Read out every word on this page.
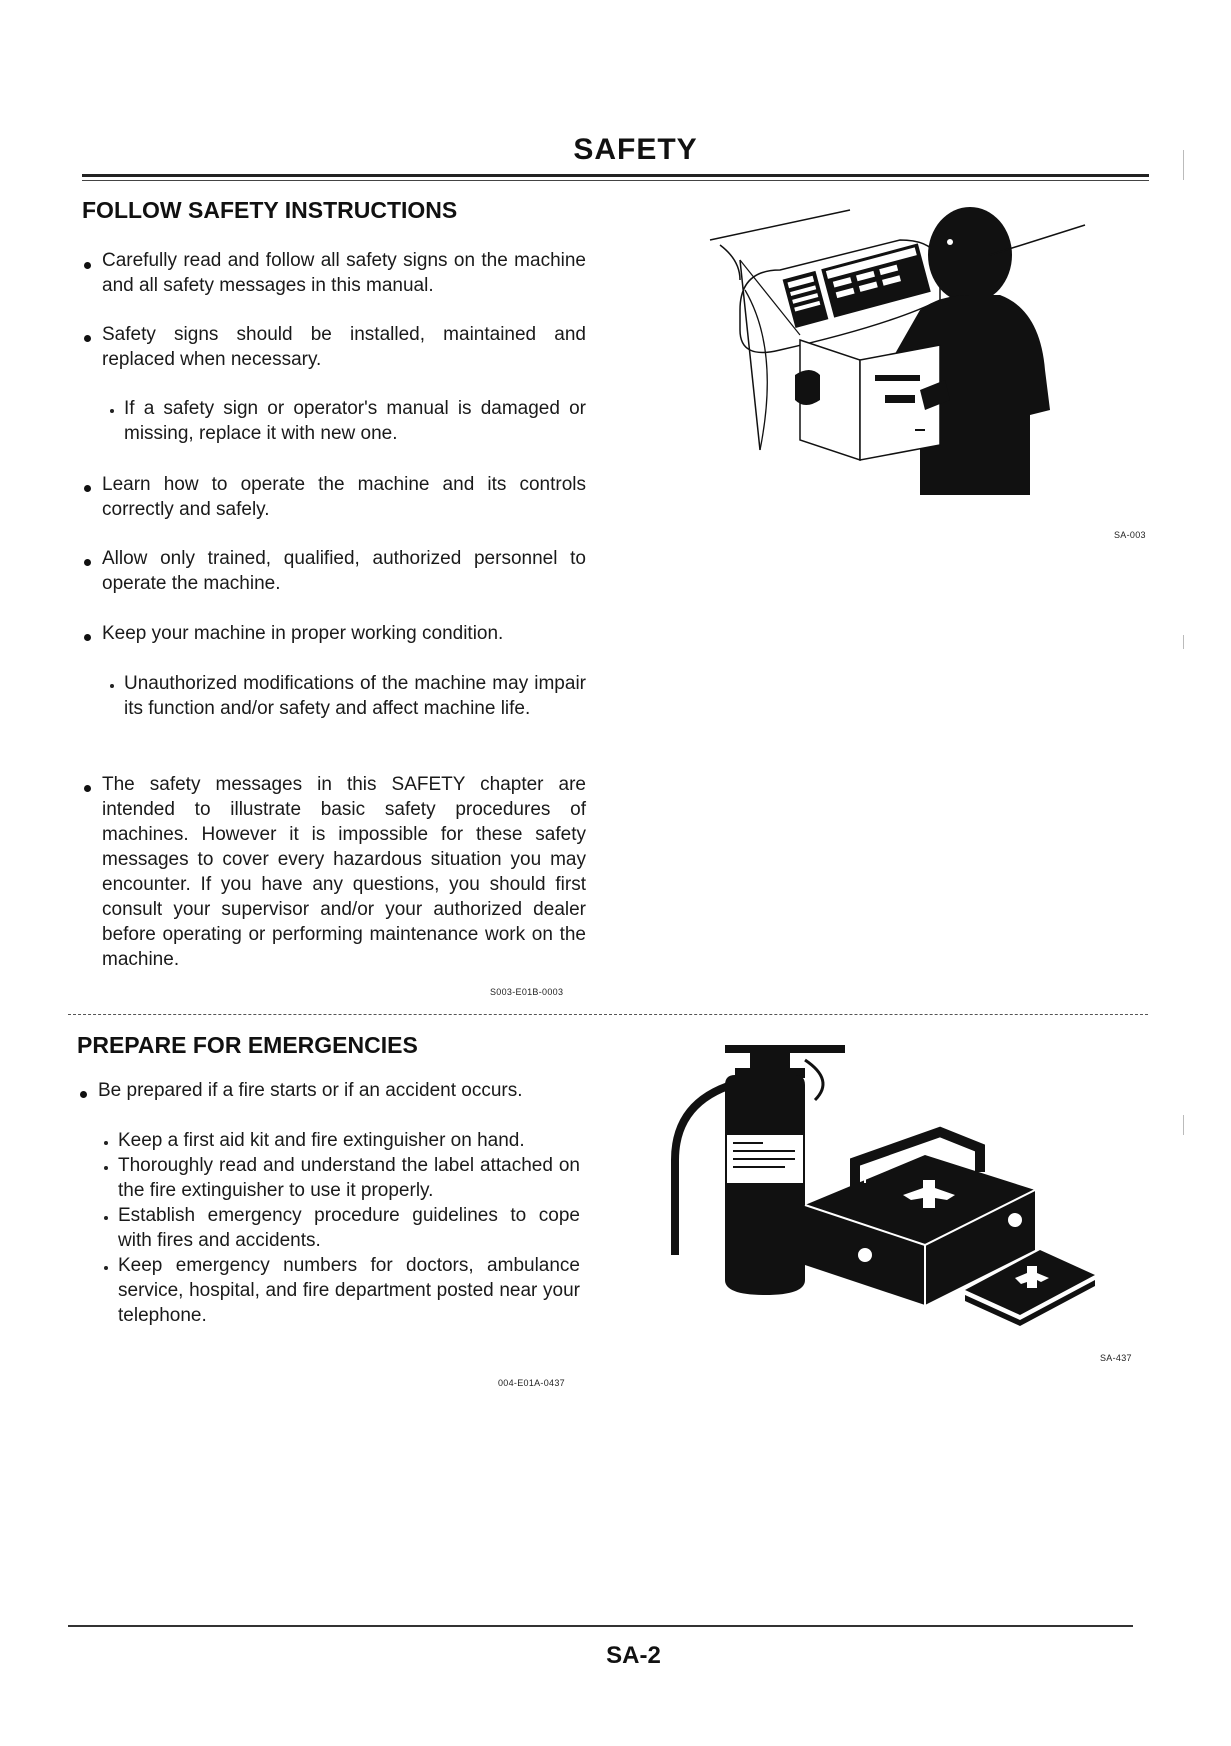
SAFETY
FOLLOW SAFETY INSTRUCTIONS
Carefully read and follow all safety signs on the machine and all safety messages in this manual.
Safety signs should be installed, maintained and replaced when necessary.
If a safety sign or operator's manual is damaged or missing, replace it with new one.
Learn how to operate the machine and its controls correctly and safely.
Allow only trained, qualified, authorized personnel to operate the machine.
Keep your machine in proper working condition.
Unauthorized modifications of the machine may impair its function and/or safety and affect machine life.
The safety messages in this SAFETY chapter are intended to illustrate basic safety procedures of machines. However it is impossible for these safety messages to cover every hazardous situation you may encounter. If you have any questions, you should first consult your supervisor and/or your authorized dealer before operating or performing maintenance work on the machine.
S003-E01B-0003
SA-003
PREPARE FOR EMERGENCIES
Be prepared if a fire starts or if an accident occurs.
Keep a first aid kit and fire extinguisher on hand.
Thoroughly read and understand the label attached on the fire extinguisher to use it properly.
Establish emergency procedure guidelines to cope with fires and accidents.
Keep emergency numbers for doctors, ambulance service, hospital, and fire department posted near your telephone.
004-E01A-0437
SA-437
SA-2
